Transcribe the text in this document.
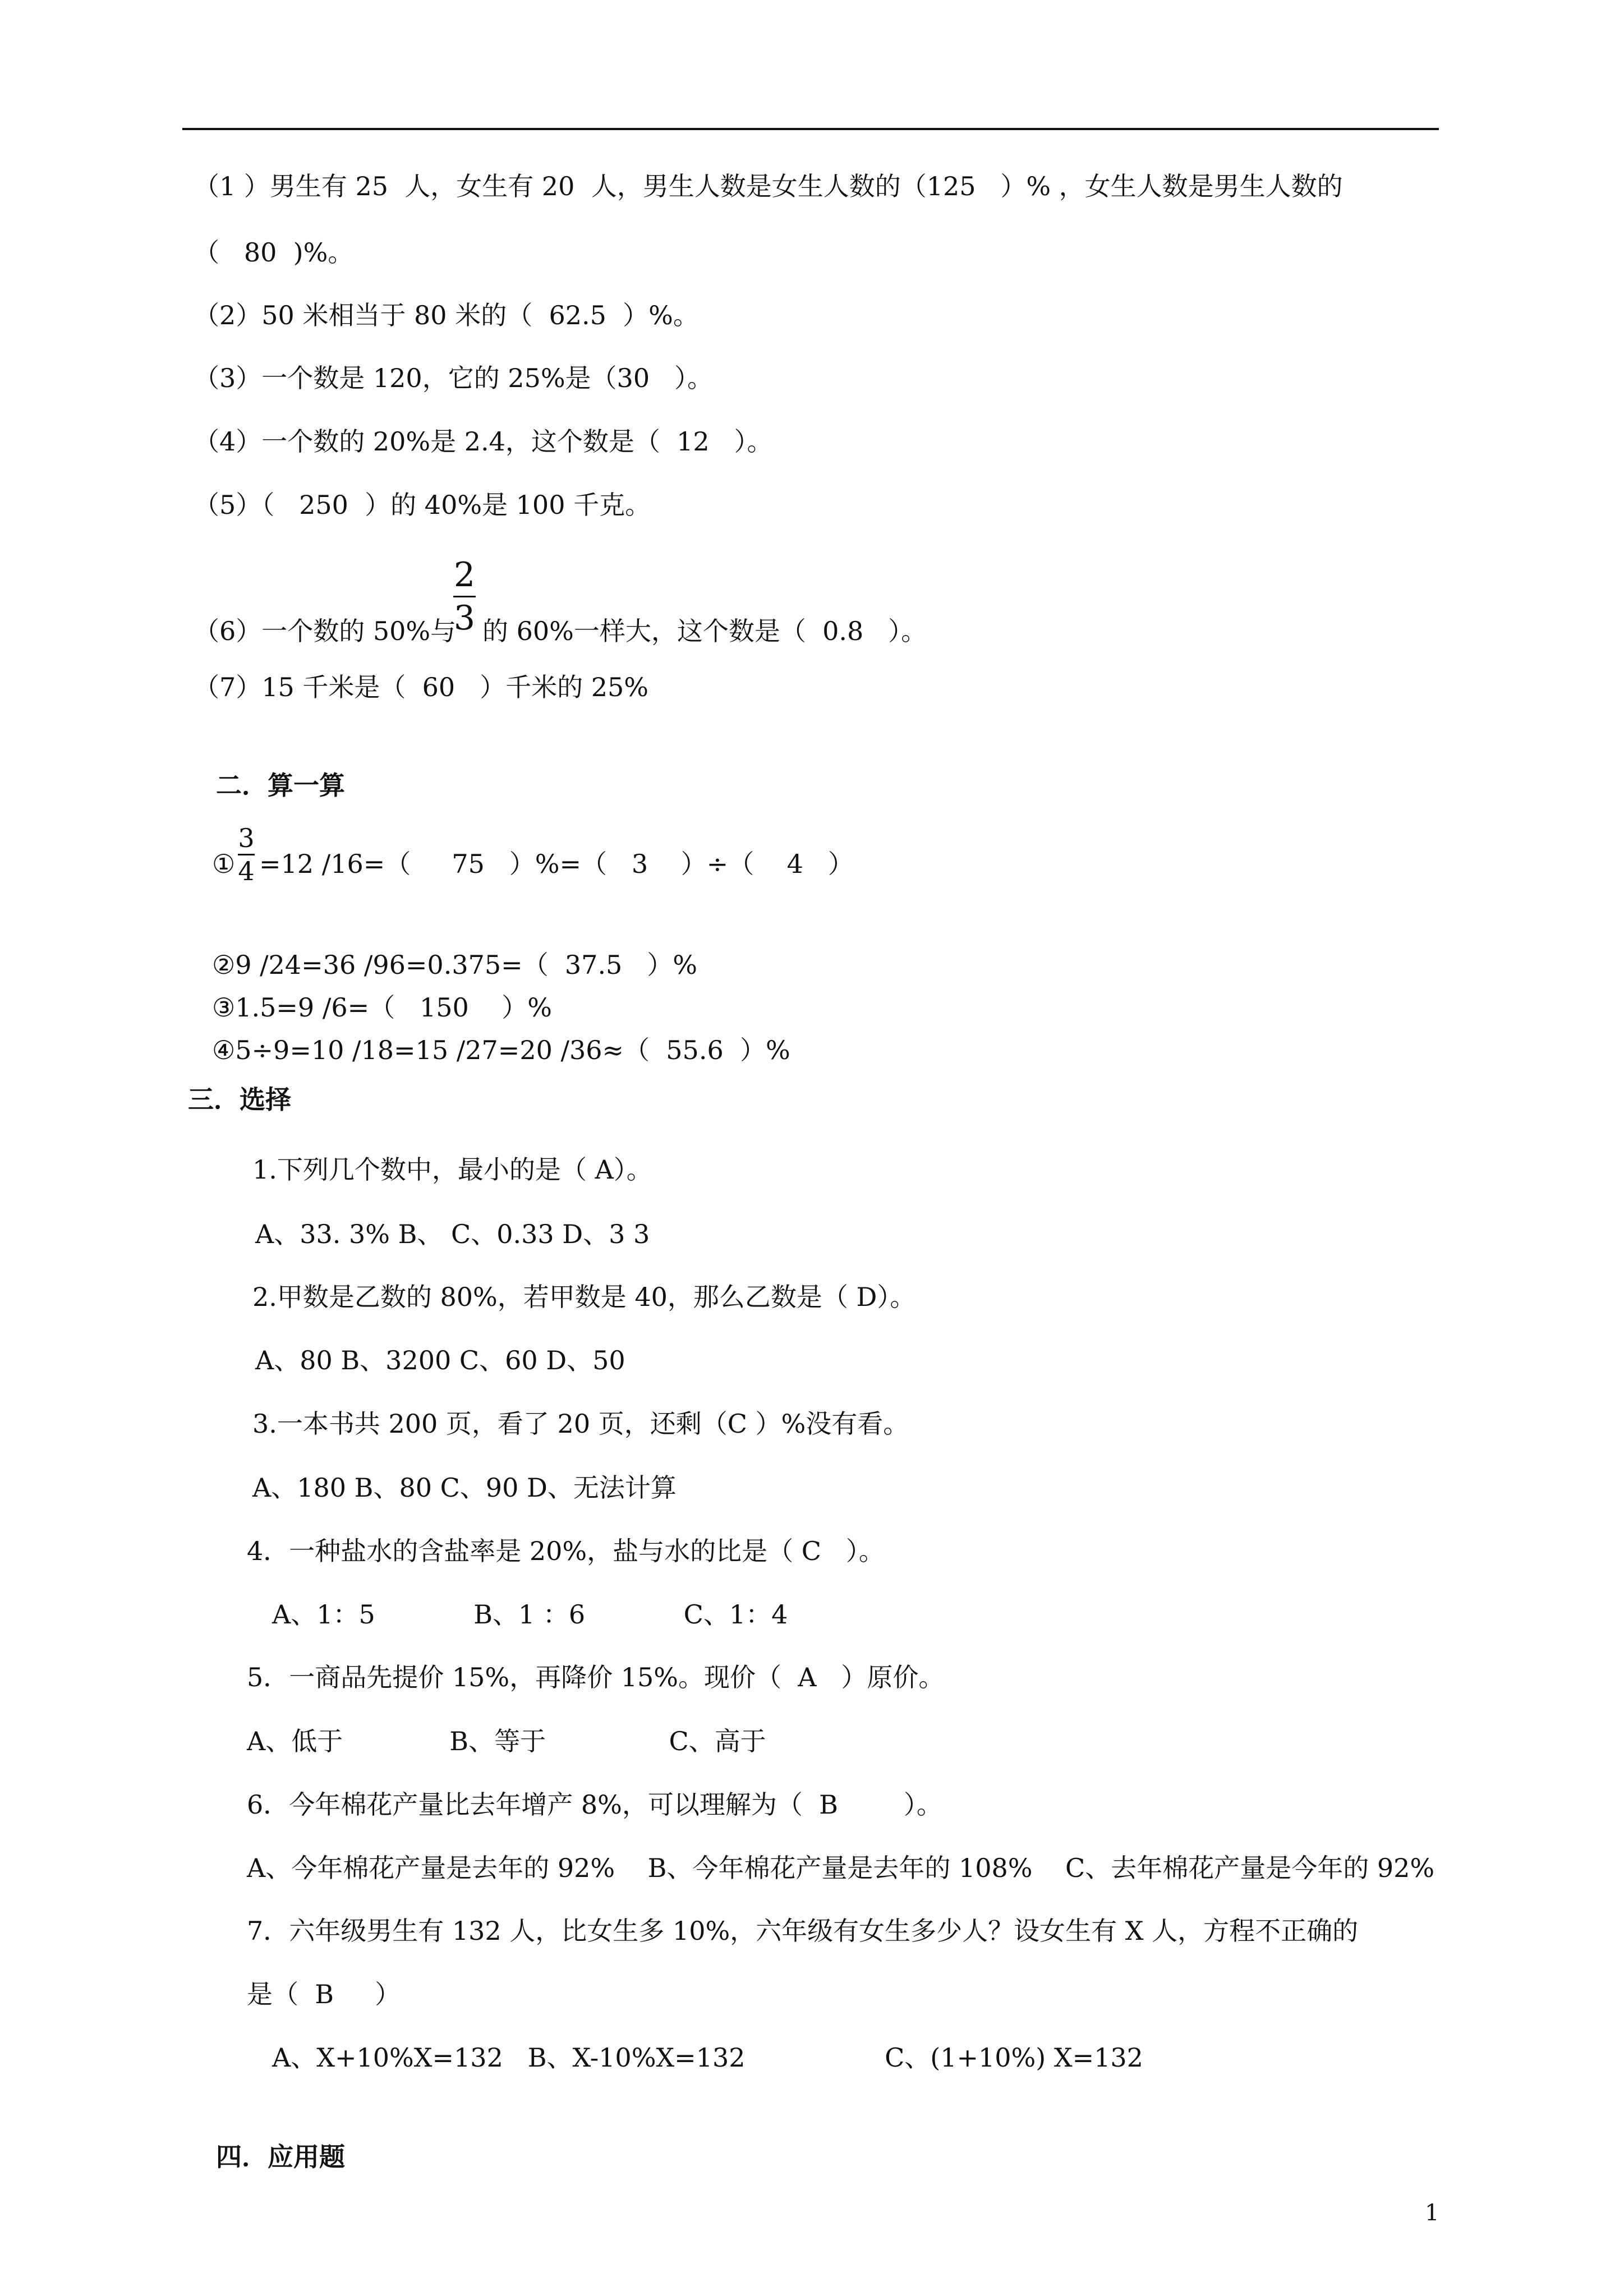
（1 ）男生有 25  人，女生有 20  人，男生人数是女生人数的（125   ）% ，女生人数是男生人数的
（   80  )%。
（2）50 米相当于 80 米的（  62.5  ）%。
（3）一个数是 120，它的 25%是（30   ）。
（4）一个数的 20%是 2.4，这个数是（  12   ）。
（5）（   250  ）的 40%是 100 千克。
（6）一个数的 50%与
2
3 的 60%一样大，这个数是（  0.8   ）。
（7）15 千米是（  60   ）千米的 25%
二．算一算
①
3
4 =12 /16=（     75   ）%=（   3    ）÷（    4   ）
②9 /24=36 /96=0.375=（  37.5   ）%
③1.5=9 /6=（   150    ）%
④5÷9=10 /18=15 /27=20 /36≈（  55.6  ）%
三．选择
1.下列几个数中，最小的是（ A）。
A、33. 3% B、 C、0.33 D、3 3
2.甲数是乙数的 80%，若甲数是 40，那么乙数是（ D）。
A、80 B、3200 C、60 D、50
3.一本书共 200 页，看了 20 页，还剩（C ）%没有看。
A、180 B、80 C、90 D、无法计算
4．一种盐水的含盐率是 20%，盐与水的比是（ C   ）。
A、1：5            B、1 ：6            C、1：4
5．一商品先提价 15%，再降价 15%。现价（  A   ）原价。
A、低于             B、等于               C、高于
6．今年棉花产量比去年增产 8%，可以理解为（  B        ）。
A、今年棉花产量是去年的 92%    B、今年棉花产量是去年的 108%    C、去年棉花产量是今年的 92%
7．六年级男生有 132 人，比女生多 10%，六年级有女生多少人？设女生有 X 人，方程不正确的
是（  B     ）
A、X+10%X=132   B、X-10%X=132                 C、(1+10%) X=132
四．应用题
1
